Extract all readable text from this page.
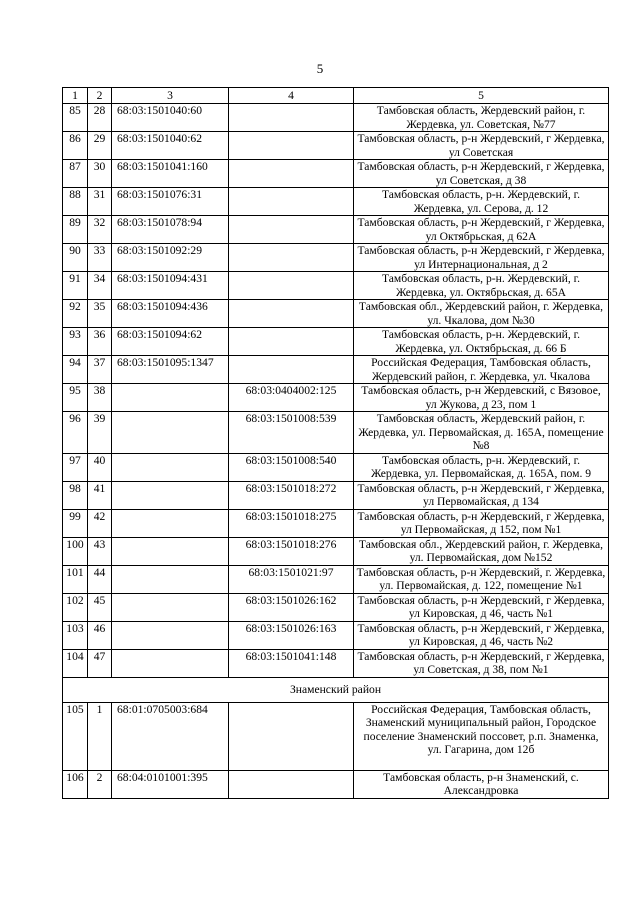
5
1	2	3	4	5
85	28	68:03:1501040:60		Тамбовская область, Жердевский район, г. Жердевка, ул. Советская, №77
86	29	68:03:1501040:62		Тамбовская область, р-н Жердевский, г Жердевка, ул Советская
87	30	68:03:1501041:160		Тамбовская область, р-н Жердевский, г Жердевка, ул Советская, д 38
88	31	68:03:1501076:31		Тамбовская область, р-н. Жердевский, г. Жердевка, ул. Серова, д. 12
89	32	68:03:1501078:94		Тамбовская область, р-н Жердевский, г Жердевка, ул Октябрьская, д 62А
90	33	68:03:1501092:29		Тамбовская область, р-н Жердевский, г Жердевка, ул Интернациональная, д 2
91	34	68:03:1501094:431		Тамбовская область, р-н. Жердевский, г. Жердевка, ул. Октябрьская, д. 65А
92	35	68:03:1501094:436		Тамбовская обл., Жердевский район, г. Жердевка, ул. Чкалова, дом №30
93	36	68:03:1501094:62		Тамбовская область, р-н. Жердевский, г. Жердевка, ул. Октябрьская, д. 66 Б
94	37	68:03:1501095:1347		Российская Федерация, Тамбовская область, Жердевский район, г. Жердевка, ул. Чкалова
95	38		68:03:0404002:125	Тамбовская область, р-н Жердевский, с Вязовое, ул Жукова, д 23, пом 1
96	39		68:03:1501008:539	Тамбовская область, Жердевский район, г. Жердевка, ул. Первомайская, д. 165А, помещение №8
97	40		68:03:1501008:540	Тамбовская область, р-н. Жердевский, г. Жердевка, ул. Первомайская, д. 165А, пом. 9
98	41		68:03:1501018:272	Тамбовская область, р-н Жердевский, г Жердевка, ул Первомайская, д 134
99	42		68:03:1501018:275	Тамбовская область, р-н Жердевский, г Жердевка, ул Первомайская, д 152, пом №1
100	43		68:03:1501018:276	Тамбовская обл., Жердевский район, г. Жердевка, ул. Первомайская, дом №152
101	44		68:03:1501021:97	Тамбовская область, р-н Жердевский, г. Жердевка, ул. Первомайская, д. 122, помещение №1
102	45		68:03:1501026:162	Тамбовская область, р-н Жердевский, г Жердевка, ул Кировская, д 46, часть №1
103	46		68:03:1501026:163	Тамбовская область, р-н Жердевский, г Жердевка, ул Кировская, д 46, часть №2
104	47		68:03:1501041:148	Тамбовская область, р-н Жердевский, г Жердевка, ул Советская, д 38, пом №1
Знаменский район				
105	1	68:01:0705003:684		Российская Федерация, Тамбовская область, Знаменский муниципальный район, Городское поселение Знаменский поссовет, р.п. Знаменка, ул. Гагарина, дом 12б
106	2	68:04:0101001:395		Тамбовская область, р-н Знаменский, с. Александровка
